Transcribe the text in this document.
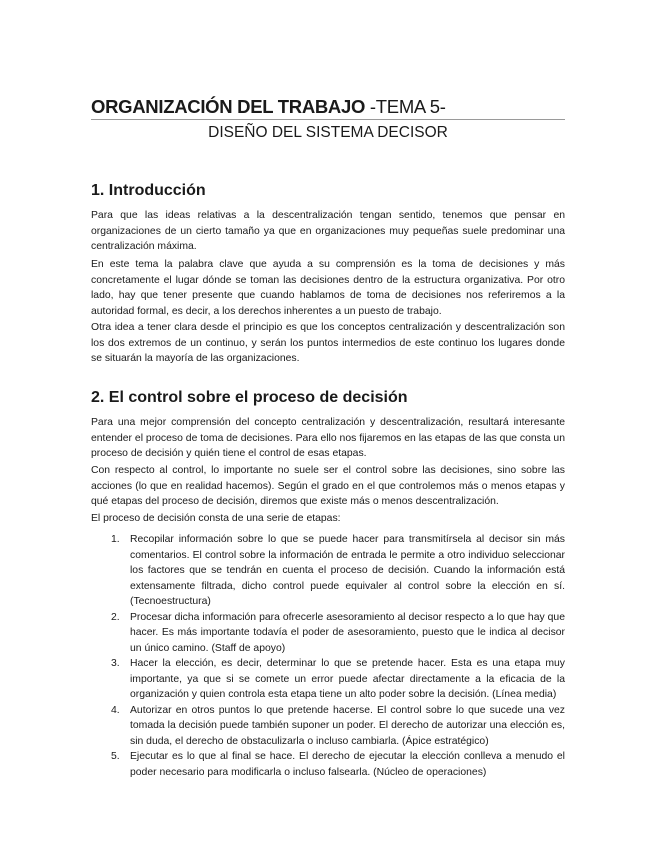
ORGANIZACIÓN DEL TRABAJO -TEMA 5-
DISEÑO DEL SISTEMA DECISOR
1. Introducción

Para que las ideas relativas a la descentralización tengan sentido, tenemos que pensar en organizaciones de un cierto tamaño ya que en organizaciones muy pequeñas suele predominar una centralización máxima.

En este tema la palabra clave que ayuda a su comprensión es la toma de decisiones y más concretamente el lugar dónde se toman las decisiones dentro de la estructura organizativa. Por otro lado, hay que tener presente que cuando hablamos de toma de decisiones nos referiremos a la autoridad formal, es decir, a los derechos inherentes a un puesto de trabajo.

Otra idea a tener clara desde el principio es que los conceptos centralización y descentralización son los dos extremos de un continuo, y serán los puntos intermedios de este continuo los lugares donde se situarán la mayoría de las organizaciones.

2. El control sobre el proceso de decisión

Para una mejor comprensión del concepto centralización y descentralización, resultará interesante entender el proceso de toma de decisiones. Para ello nos fijaremos en las etapas de las que consta un proceso de decisión y quién tiene el control de esas etapas.

Con respecto al control, lo importante no suele ser el control sobre las decisiones, sino sobre las acciones (lo que en realidad hacemos). Según el grado en el que controlemos más o menos etapas y qué etapas del proceso de decisión, diremos que existe más o menos descentralización.

El proceso de decisión consta de una serie de etapas:

1. Recopilar información sobre lo que se puede hacer para transmitírsela al decisor sin más comentarios. El control sobre la información de entrada le permite a otro individuo seleccionar los factores que se tendrán en cuenta el proceso de decisión. Cuando la información está extensamente filtrada, dicho control puede equivaler al control sobre la elección en sí. (Tecnoestructura)
2. Procesar dicha información para ofrecerle asesoramiento al decisor respecto a lo que hay que hacer. Es más importante todavía el poder de asesoramiento, puesto que le indica al decisor un único camino. (Staff de apoyo)
3. Hacer la elección, es decir, determinar lo que se pretende hacer. Esta es una etapa muy importante, ya que si se comete un error puede afectar directamente a la eficacia de la organización y quien controla esta etapa tiene un alto poder sobre la decisión. (Línea media)
4. Autorizar en otros puntos lo que pretende hacerse. El control sobre lo que sucede una vez tomada la decisión puede también suponer un poder. El derecho de autorizar una elección es, sin duda, el derecho de obstaculizarla o incluso cambiarla. (Ápice estratégico)
5. Ejecutar es lo que al final se hace. El derecho de ejecutar la elección conlleva a menudo el poder necesario para modificarla o incluso falsearla. (Núcleo de operaciones)
